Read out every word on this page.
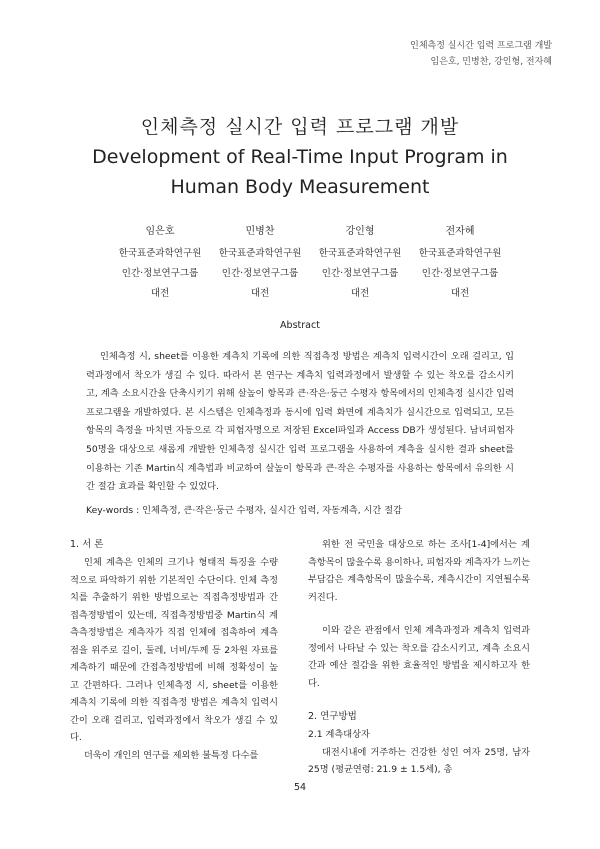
인체측정 실시간 입력 프로그램 개발
임은호, 민병찬, 강인형, 전자혜
인체측정 실시간 입력 프로그램 개발
Development of Real-Time Input Program in
Human Body Measurement
임은호
한국표준과학연구원
인간·정보연구그룹
대전
민병찬
한국표준과학연구원
인간·정보연구그룹
대전
강인형
한국표준과학연구원
인간·정보연구그룹
대전
전자혜
한국표준과학연구원
인간·정보연구그룹
대전
Abstract
인체측정 시, sheet를 이용한 계측치 기록에 의한 직접측정 방법은 계측치 입력시간이 오래 걸리고, 입력과정에서 착오가 생길 수 있다. 따라서 본 연구는 계측치 입력과정에서 발생할 수 있는 착오를 감소시키고, 계측 소요시간을 단축시키기 위해 살높이 항목과 큰·작은·둥근 수평자 항목에서의 인체측정 실시간 입력 프로그램을 개발하였다. 본 시스템은 인체측정과 동시에 입력 화면에 계측치가 실시간으로 입력되고, 모든 항목의 측정을 마치면 자동으로 각 피험자명으로 저장된 Excel파일과 Access DB가 생성된다. 남녀피험자 50명을 대상으로 새롭게 개발한 인체측정 실시간 입력 프로그램을 사용하여 계측을 실시한 결과 sheet를 이용하는 기존 Martin식 계측법과 비교하여 살높이 항목과 큰·작은 수평자를 사용하는 항목에서 유의한 시간 절감 효과를 확인할 수 있었다.
Key-words : 인체측정, 큰·작은·둥근 수평자, 실시간 입력, 자동계측, 시간 절감
1. 서 론
인체 계측은 인체의 크기나 형태적 특징을 수량적으로 파악하기 위한 기본적인 수단이다. 인체 측정치를 추출하기 위한 방법으로는 직접측정방법과 간접측정방법이 있는데, 직접측정방법중 Martin식 계측측정방법은 계측자가 직접 인체에 접촉하여 계측점을 위주로 길이, 둘레, 너비/두께 등 2차원 자료를 계측하기 때문에 간접측정방법에 비해 정확성이 높고 간편하다. 그러나 인체측정 시, sheet를 이용한 계측치 기록에 의한 직접측정 방법은 계측치 입력시간이 오래 걸리고, 입력과정에서 착오가 생길 수 있다.
더욱이 개인의 연구를 제외한 불특정 다수를
위한 전 국민을 대상으로 하는 조사[1-4]에서는 계측항목이 많을수록 용이하나, 피험자와 계측자가 느끼는 부담감은 계측항목이 많을수록, 계측시간이 지연될수록 커진다.
이와 같은 관점에서 인체 계측과정과 계측치 입력과정에서 나타날 수 있는 착오를 감소시키고, 계측 소요시간과 예산 절감을 위한 효율적인 방법을 제시하고자 한다.
2. 연구방법
2.1 계측대상자
대전시내에 거주하는 건강한 성인 여자 25명, 남자 25명 (평균연령: 21.9 ± 1.5세), 총
54
